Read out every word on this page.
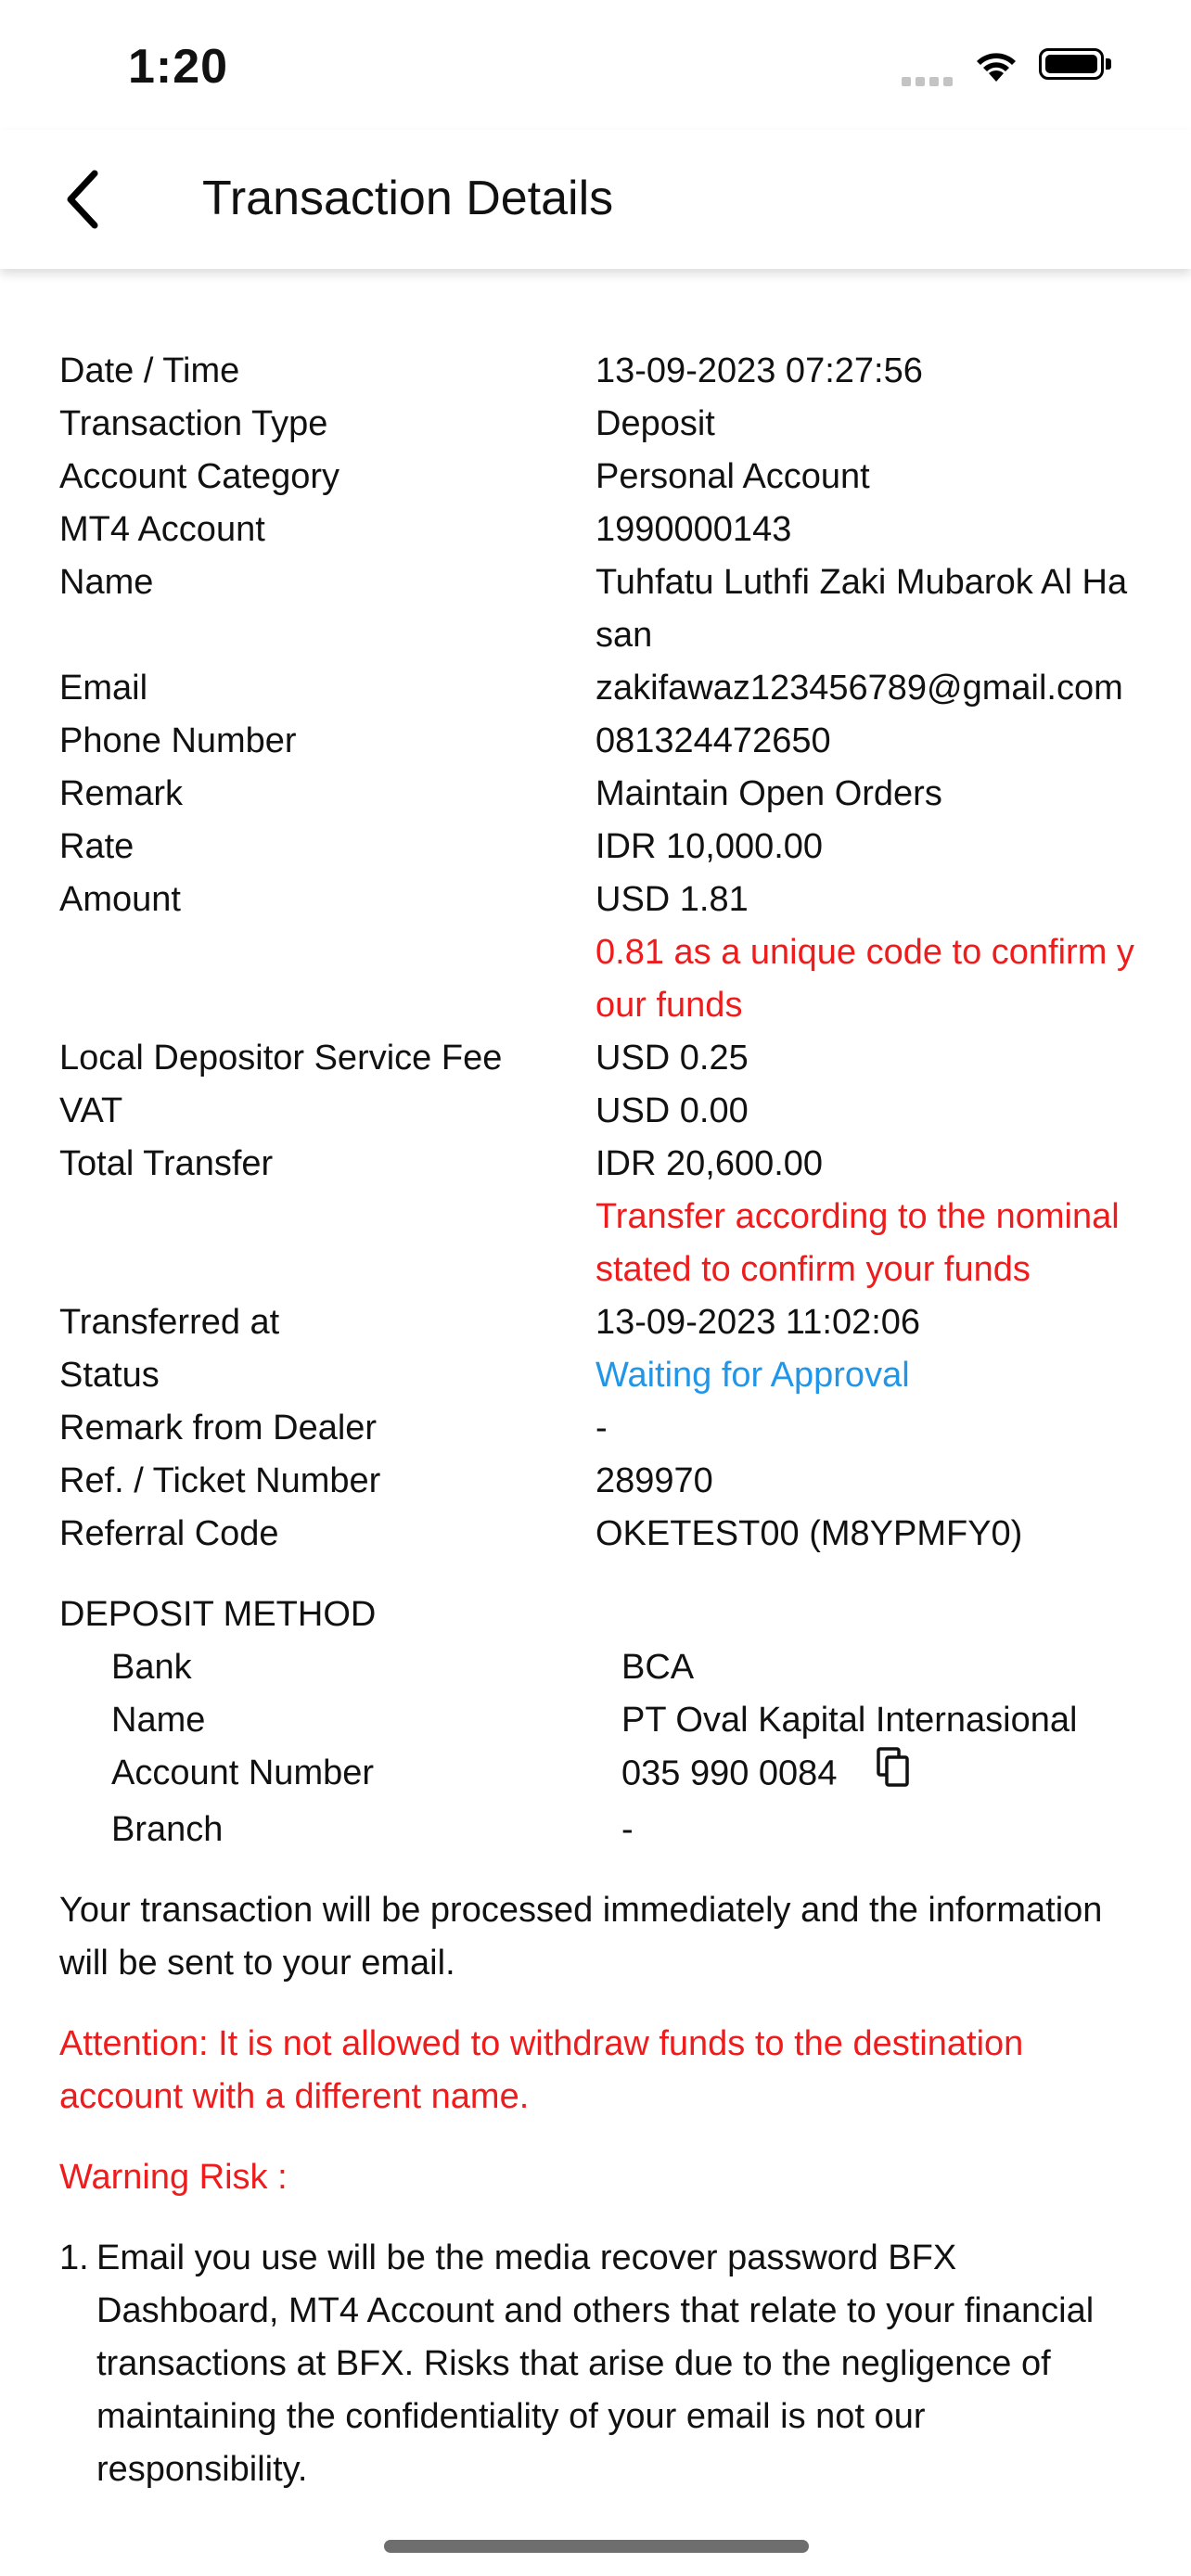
1:20
Transaction Details
Date / Time	13-09-2023 07:27:56
Transaction Type	Deposit
Account Category	Personal Account
MT4 Account	1990000143
Name	Tuhfatu Luthfi Zaki Mubarok Al Hasan
Email	zakifawaz123456789@gmail.com
Phone Number	081324472650
Remark	Maintain Open Orders
Rate	IDR 10,000.00
Amount	USD 1.81
0.81 as a unique code to confirm your funds
Local Depositor Service Fee	USD 0.25
VAT	USD 0.00
Total Transfer	IDR 20,600.00
Transfer according to the nominal stated to confirm your funds
Transferred at	13-09-2023 11:02:06
Status	Waiting for Approval
Remark from Dealer	-
Ref. / Ticket Number	289970
Referral Code	OKETEST00 (M8YPMFY0)
DEPOSIT METHOD
Bank	BCA
Name	PT Oval Kapital Internasional
Account Number	035 990 0084
Branch	-
Your transaction will be processed immediately and the information will be sent to your email.
Attention: It is not allowed to withdraw funds to the destination account with a different name.
Warning Risk :
1. Email you use will be the media recover password BFX Dashboard, MT4 Account and others that relate to your financial transactions at BFX. Risks that arise due to the negligence of maintaining the confidentiality of your email is not our responsibility.
